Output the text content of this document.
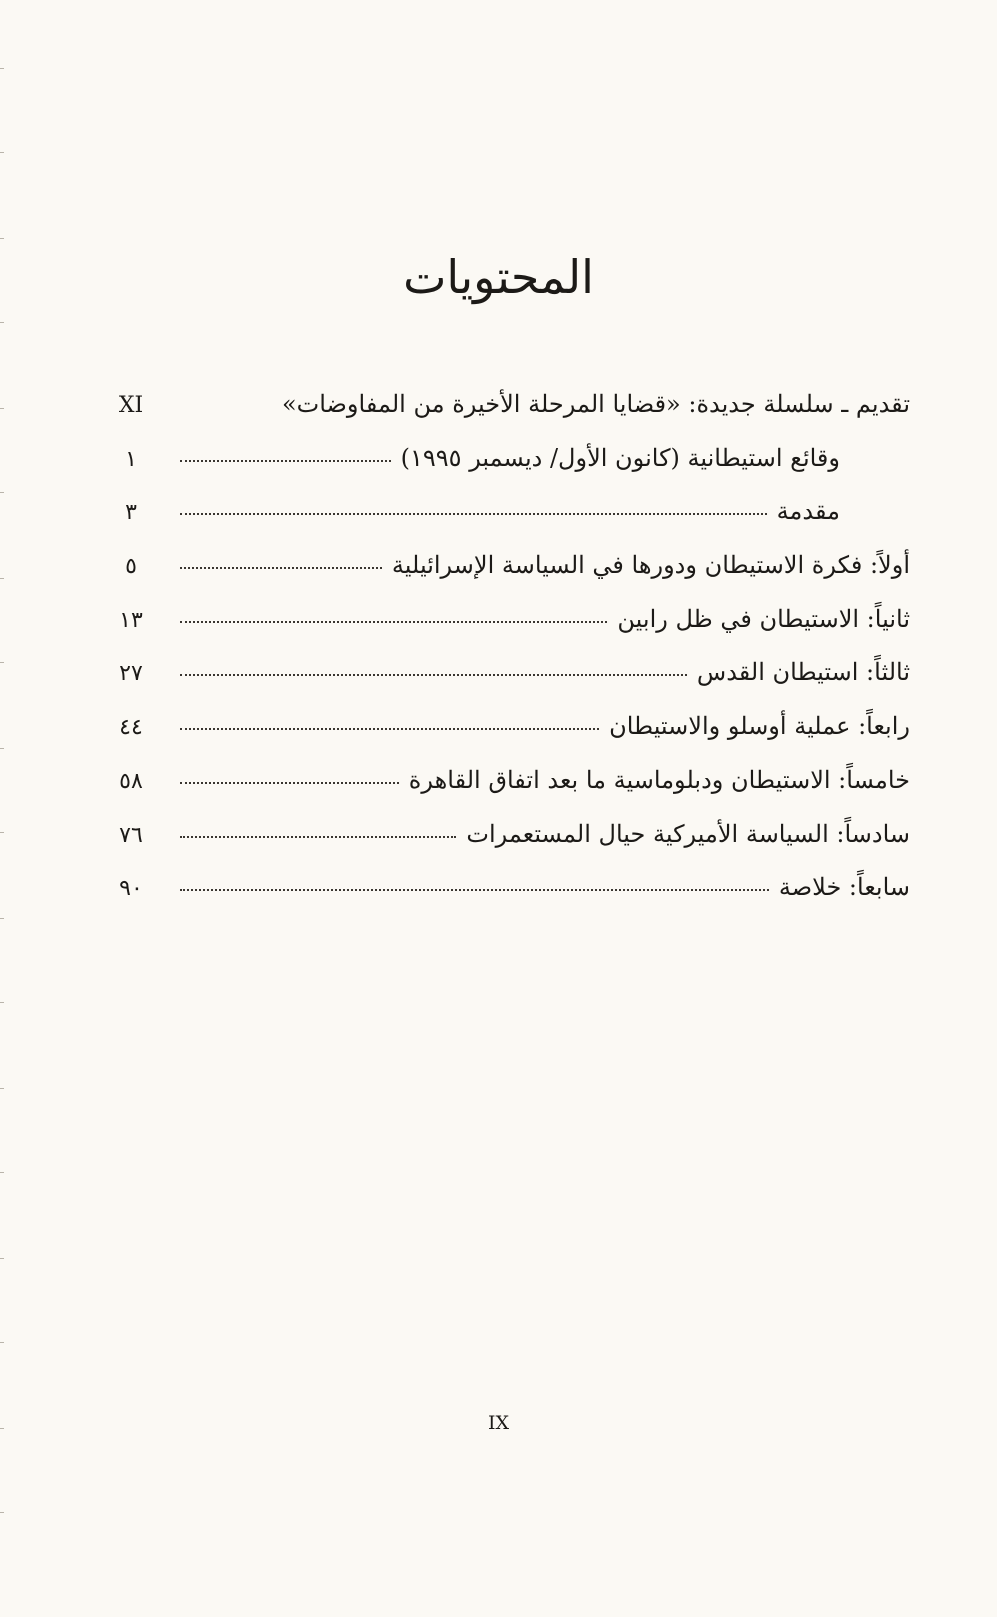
المحتويات
تقديم ـ سلسلة جديدة: «قضايا المرحلة الأخيرة من المفاوضات»
XI
وقائع استيطانية (كانون الأول/ ديسمبر ١٩٩٥)
١
مقدمة
٣
أولاً: فكرة الاستيطان ودورها في السياسة الإسرائيلية
٥
ثانياً: الاستيطان في ظل رابين
١٣
ثالثاً: استيطان القدس
٢٧
رابعاً: عملية أوسلو والاستيطان
٤٤
خامساً: الاستيطان ودبلوماسية ما بعد اتفاق القاهرة
٥٨
سادساً: السياسة الأميركية حيال المستعمرات
٧٦
سابعاً: خلاصة
٩٠
IX
